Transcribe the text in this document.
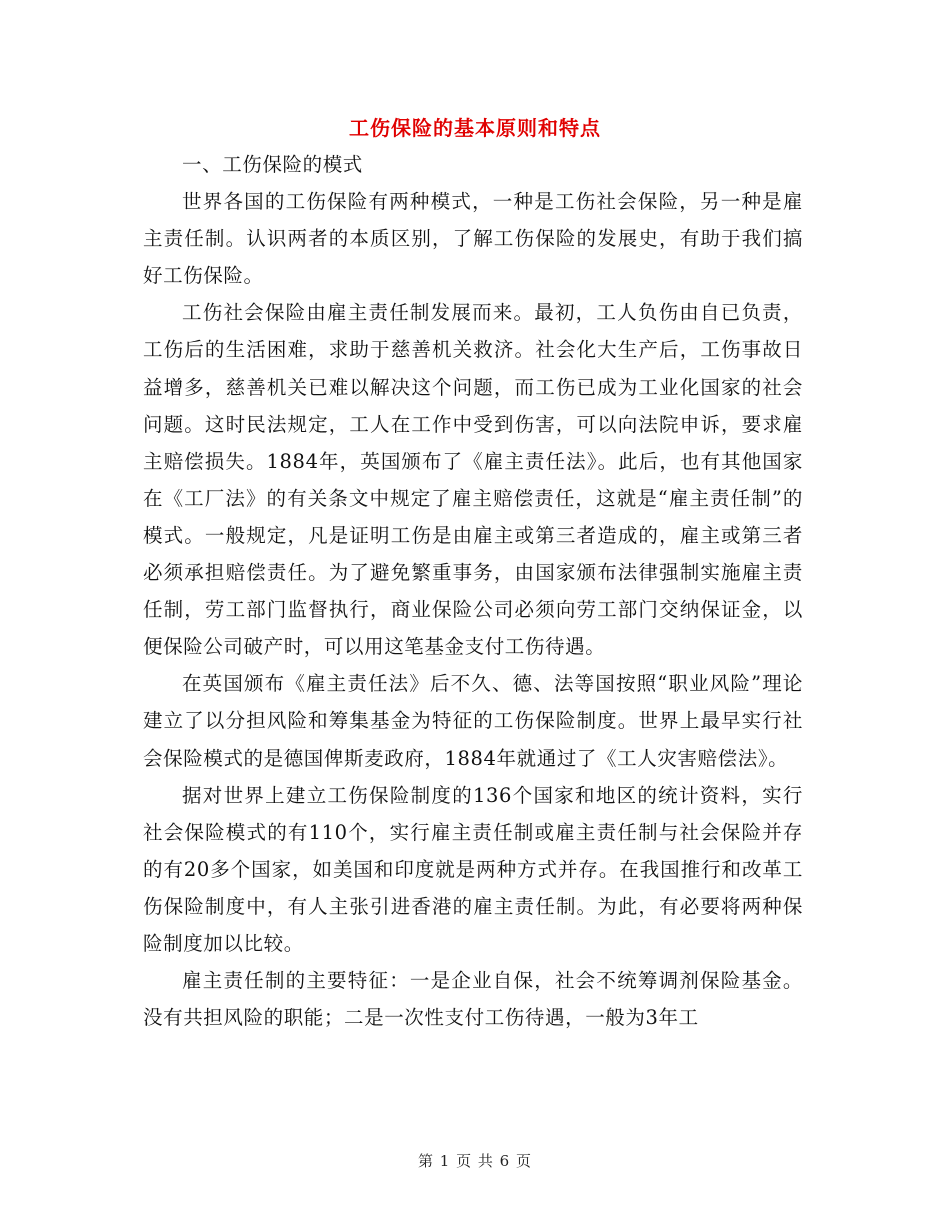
工伤保险的基本原则和特点

一、工伤保险的模式

世界各国的工伤保险有两种模式，一种是工伤社会保险，另一种是雇主责任制。认识两者的本质区别，了解工伤保险的发展史，有助于我们搞好工伤保险。

工伤社会保险由雇主责任制发展而来。最初，工人负伤由自已负责，工伤后的生活困难，求助于慈善机关救济。社会化大生产后，工伤事故日益增多，慈善机关已难以解决这个问题，而工伤已成为工业化国家的社会问题。这时民法规定，工人在工作中受到伤害，可以向法院申诉，要求雇主赔偿损失。1884年，英国颁布了《雇主责任法》。此后，也有其他国家在《工厂法》的有关条文中规定了雇主赔偿责任，这就是“雇主责任制”的模式。一般规定，凡是证明工伤是由雇主或第三者造成的，雇主或第三者必须承担赔偿责任。为了避免繁重事务，由国家颁布法律强制实施雇主责任制，劳工部门监督执行，商业保险公司必须向劳工部门交纳保证金，以便保险公司破产时，可以用这笔基金支付工伤待遇。

在英国颁布《雇主责任法》后不久、德、法等国按照“职业风险”理论建立了以分担风险和筹集基金为特征的工伤保险制度。世界上最早实行社会保险模式的是德国俾斯麦政府，1884年就通过了《工人灾害赔偿法》。

据对世界上建立工伤保险制度的136个国家和地区的统计资料，实行社会保险模式的有110个，实行雇主责任制或雇主责任制与社会保险并存的有20多个国家，如美国和印度就是两种方式并存。在我国推行和改革工伤保险制度中，有人主张引进香港的雇主责任制。为此，有必要将两种保险制度加以比较。

雇主责任制的主要特征：一是企业自保，社会不统筹调剂保险基金。没有共担风险的职能；二是一次性支付工伤待遇，一般为3年工

第 1 页 共 6 页
